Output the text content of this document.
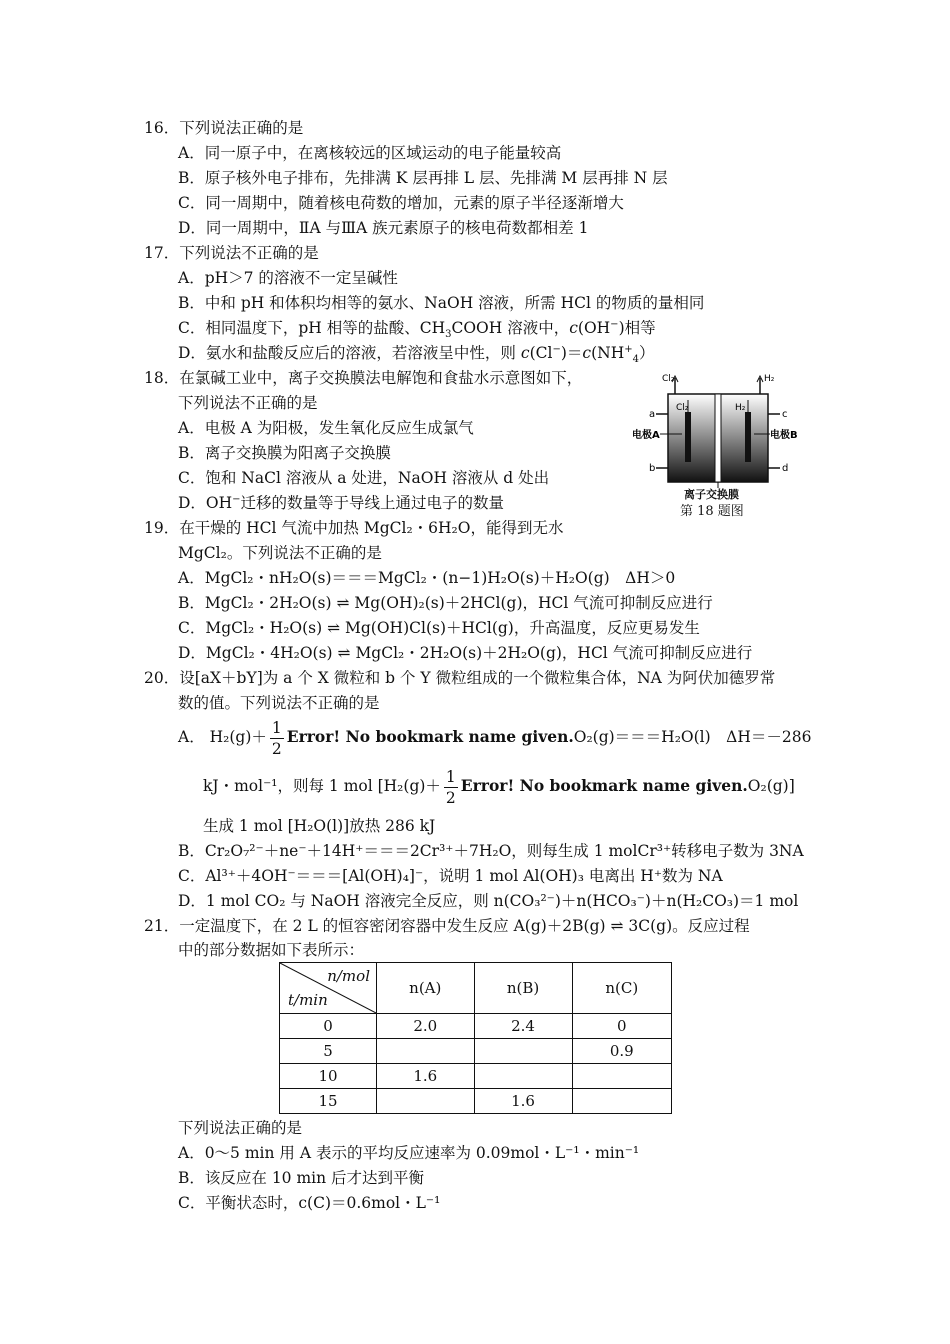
16．下列说法正确的是
A．同一原子中，在离核较远的区域运动的电子能量较高
B．原子核外电子排布，先排满 K 层再排 L 层、先排满 M 层再排 N 层
C．同一周期中，随着核电荷数的增加，元素的原子半径逐渐增大
D．同一周期中，ⅡA 与ⅢA 族元素原子的核电荷数都相差 1
17．下列说法不正确的是
A．pH＞7 的溶液不一定呈碱性
B．中和 pH 和体积均相等的氨水、NaOH 溶液，所需 HCl 的物质的量相同
C．相同温度下，pH 相等的盐酸、$CH_3COOH$ 溶液中，c(OH−)相等
D．氨水和盐酸反应后的溶液，若溶液呈中性，则 $c(Cl^-)=c(NH^+_4)$
18．在氯碱工业中，离子交换膜法电解饱和食盐水示意图如下，
下列说法不正确的是
A．电极 A 为阳极，发生氧化反应生成氯气
B．离子交换膜为阳离子交换膜
C．饱和 NaCl 溶液从 a 处进，NaOH 溶液从 d 处出
D．OH−迁移的数量等于导线上通过电子的数量
Cl₂	H₂
Cl₂	H₂
a	c
b	d
电极A	电极B
离子交换膜
第 18 题图
19．在干燥的 HCl 气流中加热 MgCl₂・6H₂O，能得到无水
MgCl₂。下列说法不正确的是
A．MgCl₂・nH₂O(s)＝＝＝MgCl₂・(n−1)H₂O(s)＋H₂O(g)　ΔH＞0
B．MgCl₂・2H₂O(s) ⇌ Mg(OH)₂(s)＋2HCl(g)，HCl 气流可抑制反应进行
C．MgCl₂・H₂O(s) ⇌ Mg(OH)Cl(s)＋HCl(g)，升高温度，反应更易发生
D．MgCl₂・4H₂O(s) ⇌ MgCl₂・2H₂O(s)＋2H₂O(g)，HCl 气流可抑制反应进行
20．设[aX＋bY]为 a 个 X 微粒和 b 个 Y 微粒组成的一个微粒集合体，NA 为阿伏加德罗常
数的值。下列说法不正确的是
A． $H_2(g)+ \frac{1}{2}$ Error! No bookmark name given.O₂(g)＝＝＝H₂O(l)　ΔH＝－286
kJ・mol⁻¹，则每 1 mol [$H_2(g)+ \frac{1}{2}$ Error! No bookmark name given.O₂(g)]
生成 1 mol [H₂O(l)]放热 286 kJ
B．Cr₂O₇²⁻＋ne⁻＋14H⁺＝＝＝2Cr³⁺＋7H₂O，则每生成 1 molCr³⁺转移电子数为 3NA
C．Al³⁺＋4OH⁻＝＝＝[Al(OH)₄]⁻，说明 1 mol Al(OH)₃ 电离出 H⁺数为 NA
D．1 mol CO₂ 与 NaOH 溶液完全反应，则 n(CO₃²⁻)＋n(HCO₃⁻)＋n(H₂CO₃)＝1 mol
21．一定温度下，在 2 L 的恒容密闭容器中发生反应 A(g)＋2B(g) ⇌ 3C(g)。反应过程
中的部分数据如下表所示：
n/mol
t/min	n(A)	n(B)	n(C)
0	2.0	2.4	0
5			0.9
10	1.6		
15		1.6	
下列说法正确的是
A．0～5 min 用 A 表示的平均反应速率为 0.09mol・L⁻¹・min⁻¹
B．该反应在 10 min 后才达到平衡
C．平衡状态时，c(C)＝0.6mol・L⁻¹
